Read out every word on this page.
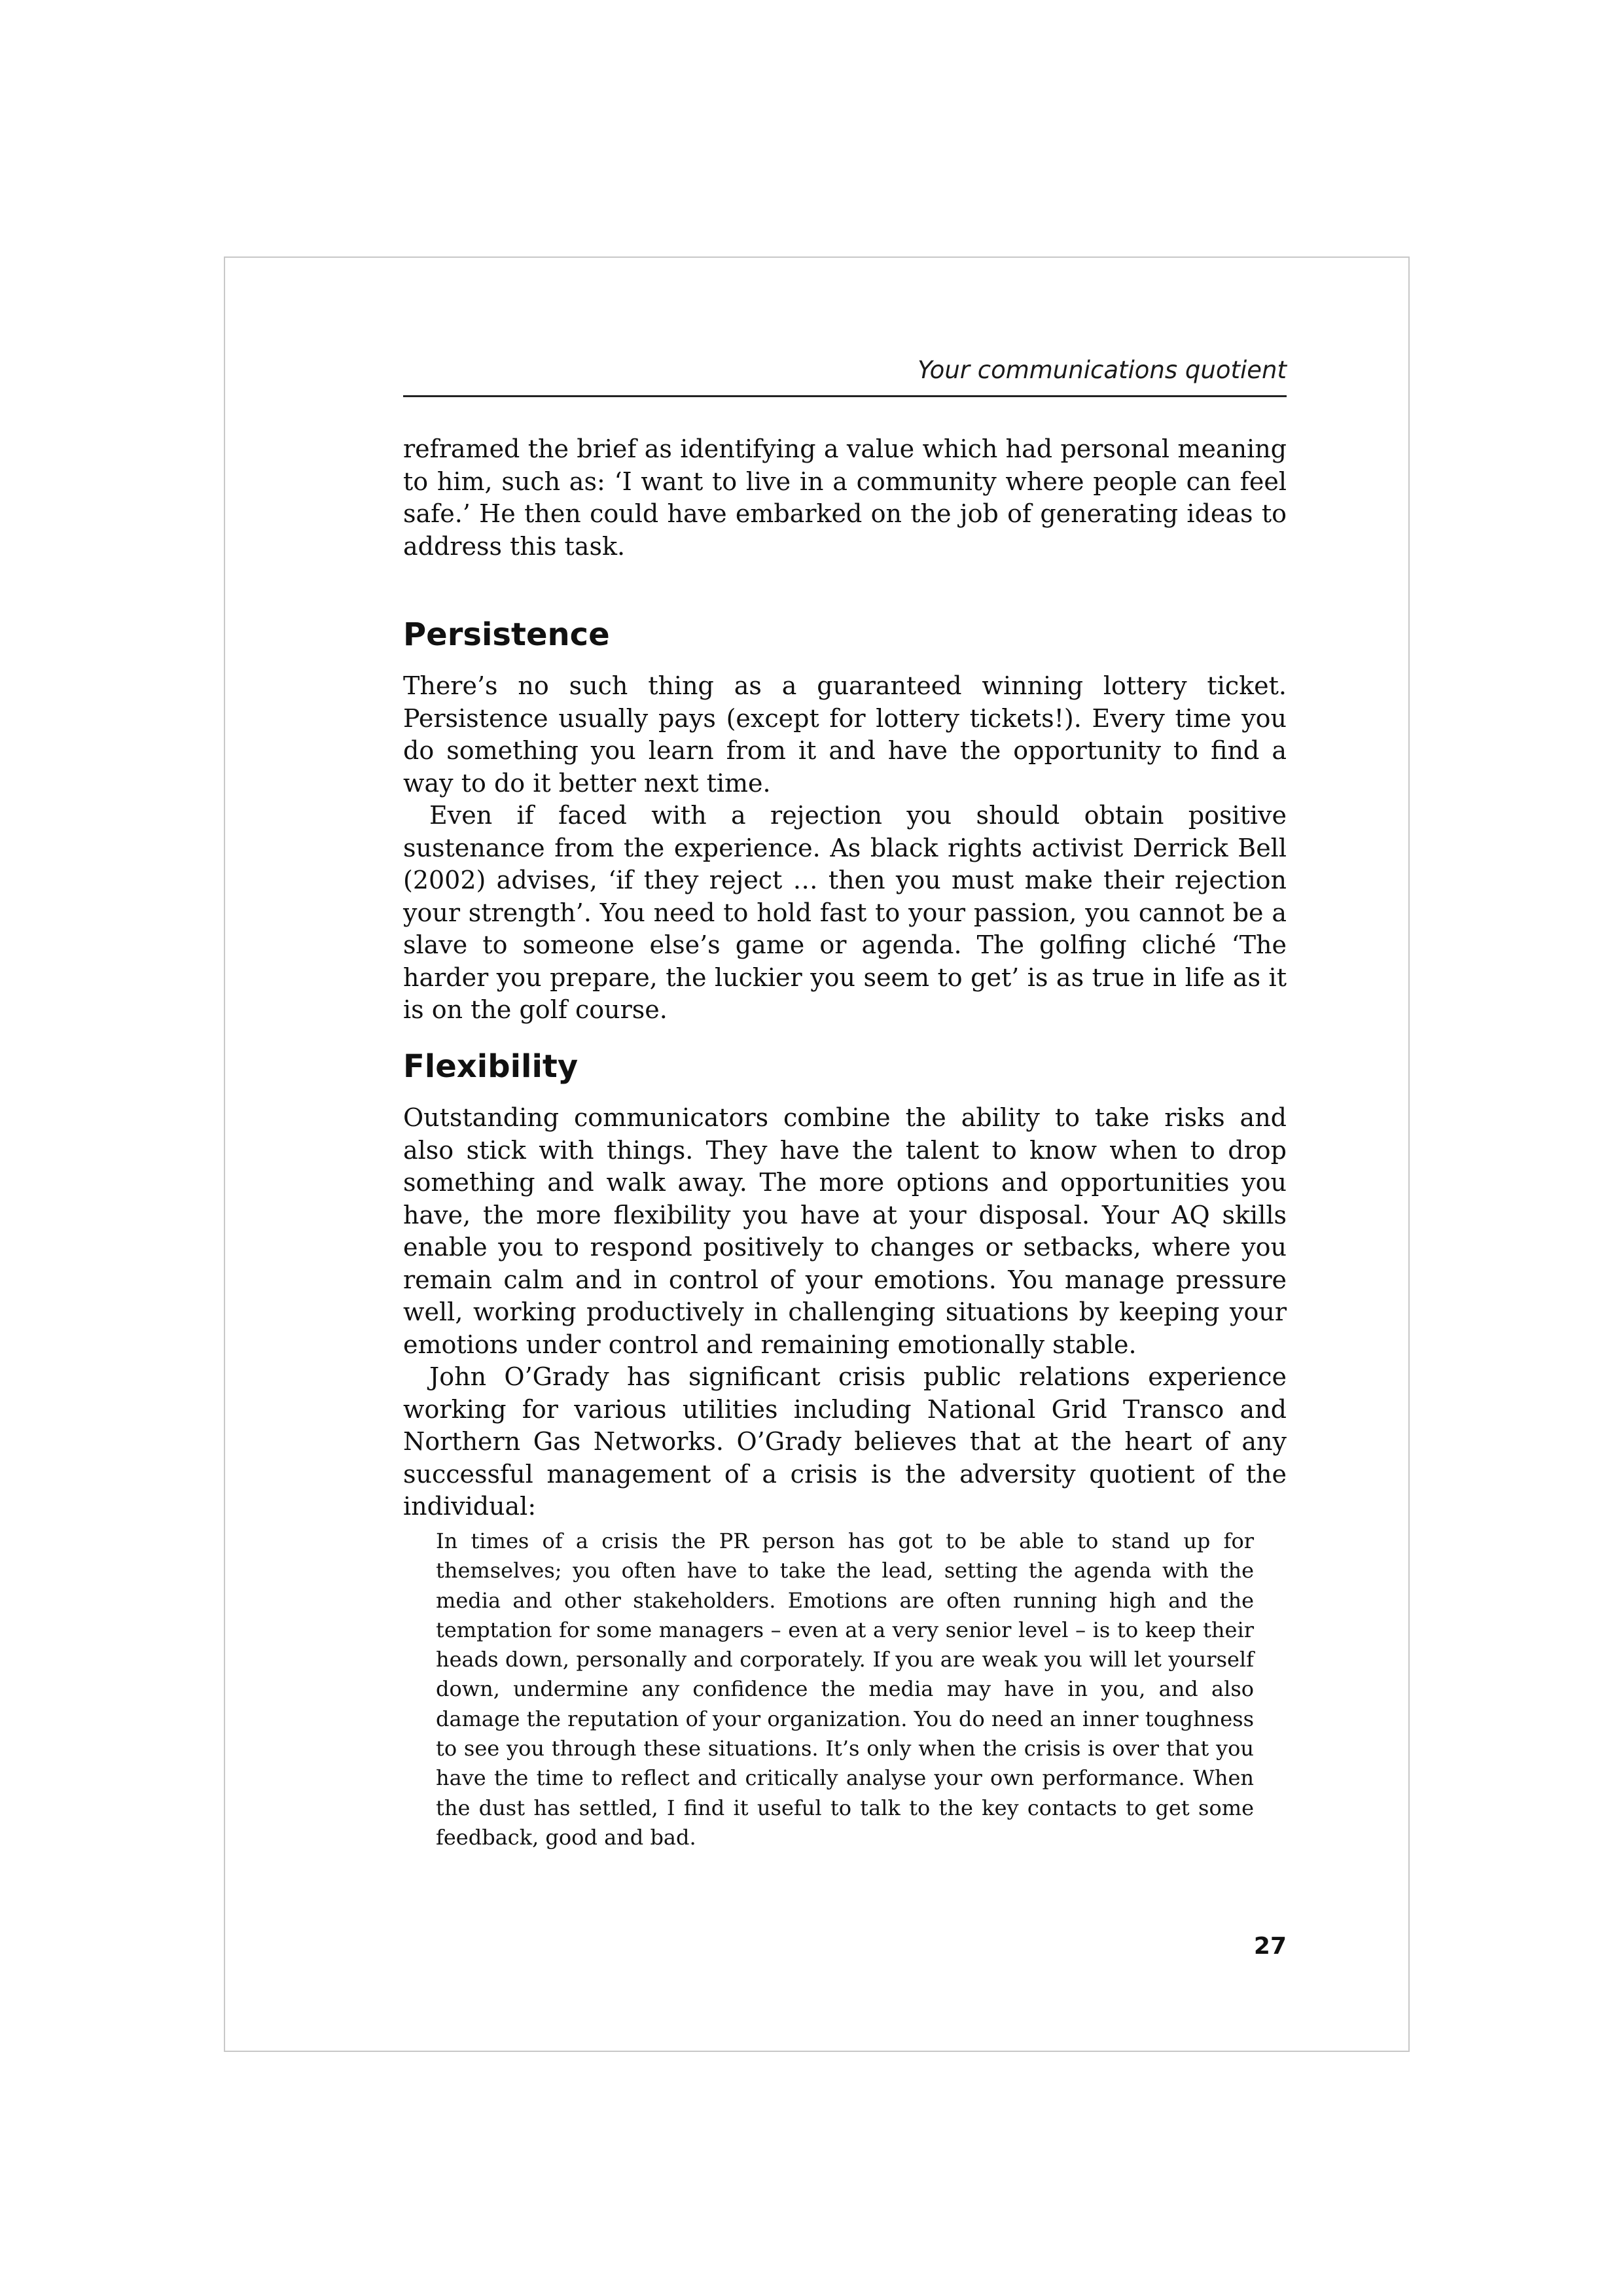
Your communications quotient

reframed the brief as identifying a value which had personal meaning to him, such as: ‘I want to live in a community where people can feel safe.’ He then could have embarked on the job of generating ideas to address this task.

Persistence

There’s no such thing as a guaranteed winning lottery ticket. Persistence usually pays (except for lottery tickets!). Every time you do something you learn from it and have the opportunity to find a way to do it better next time.

Even if faced with a rejection you should obtain positive sustenance from the experience. As black rights activist Derrick Bell (2002) advises, ‘if they reject … then you must make their rejection your strength’. You need to hold fast to your passion, you cannot be a slave to someone else’s game or agenda. The golfing cliché ‘The harder you prepare, the luckier you seem to get’ is as true in life as it is on the golf course.

Flexibility

Outstanding communicators combine the ability to take risks and also stick with things. They have the talent to know when to drop something and walk away. The more options and opportunities you have, the more flexibility you have at your disposal. Your AQ skills enable you to respond positively to changes or setbacks, where you remain calm and in control of your emotions. You manage pressure well, working productively in challenging situations by keeping your emotions under control and remaining emotionally stable.

John O’Grady has significant crisis public relations experience working for various utilities including National Grid Transco and Northern Gas Networks. O’Grady believes that at the heart of any successful management of a crisis is the adversity quotient of the individual:

In times of a crisis the PR person has got to be able to stand up for themselves; you often have to take the lead, setting the agenda with the media and other stakeholders. Emotions are often running high and the temptation for some managers – even at a very senior level – is to keep their heads down, personally and corporately. If you are weak you will let yourself down, undermine any confidence the media may have in you, and also damage the reputation of your organization. You do need an inner toughness to see you through these situations. It’s only when the crisis is over that you have the time to reflect and critically analyse your own performance. When the dust has settled, I find it useful to talk to the key contacts to get some feedback, good and bad.
27
